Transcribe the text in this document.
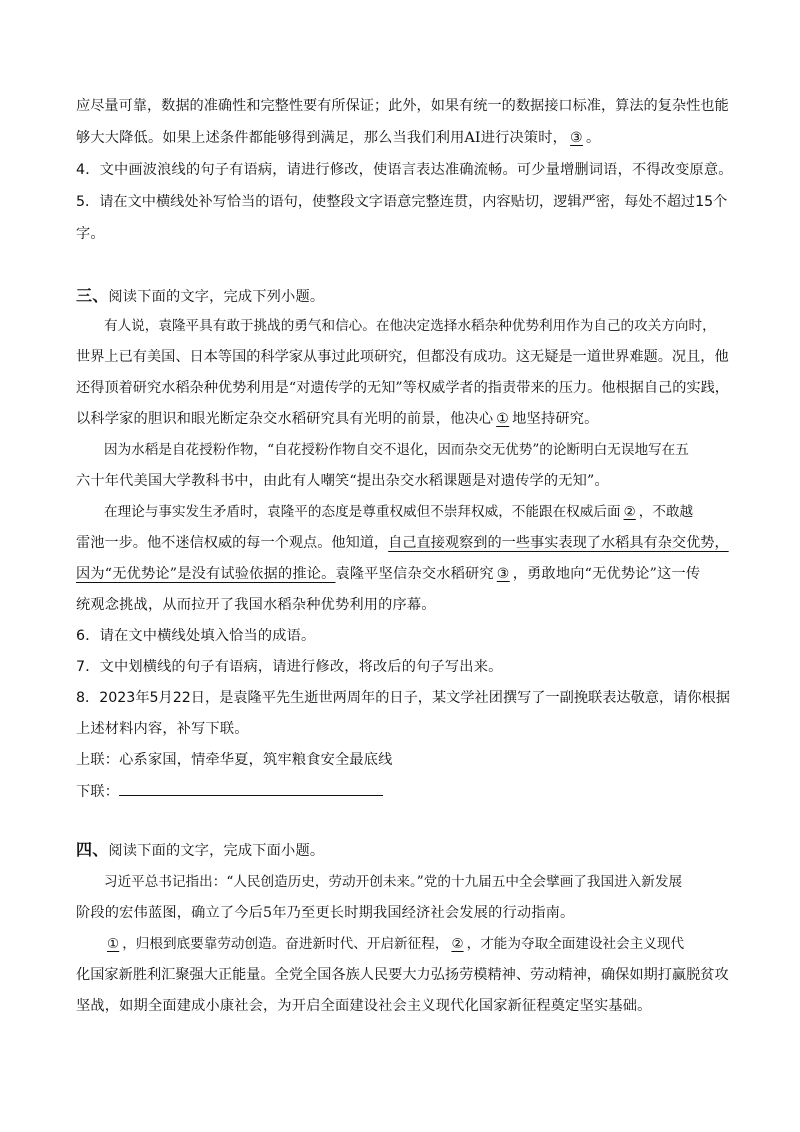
应尽量可靠，数据的准确性和完整性要有所保证；此外，如果有统一的数据接口标准，算法的复杂性也能
够大大降低。如果上述条件都能够得到满足，那么当我们利用AI进行决策时， ③ 。
4．文中画波浪线的句子有语病，请进行修改，使语言表达准确流畅。可少量增删词语，不得改变原意。
5．请在文中横线处补写恰当的语句，使整段文字语意完整连贯，内容贴切，逻辑严密，每处不超过15个
字。
三、阅读下面的文字，完成下列小题。
有人说，袁隆平具有敢于挑战的勇气和信心。在他决定选择水稻杂种优势利用作为自己的攻关方向时，
世界上已有美国、日本等国的科学家从事过此项研究，但都没有成功。这无疑是一道世界难题。况且，他
还得顶着研究水稻杂种优势利用是“对遗传学的无知”等权威学者的指责带来的压力。他根据自己的实践，
以科学家的胆识和眼光断定杂交水稻研究具有光明的前景，他决心 ① 地坚持研究。
因为水稻是自花授粉作物，“自花授粉作物自交不退化，因而杂交无优势”的论断明白无误地写在五
六十年代美国大学教科书中，由此有人嘲笑“提出杂交水稻课题是对遗传学的无知”。
在理论与事实发生矛盾时，袁隆平的态度是尊重权威但不崇拜权威，不能跟在权威后面 ② ，不敢越
雷池一步。他不迷信权威的每一个观点。他知道，自己直接观察到的一些事实表现了水稻具有杂交优势，
因为“无优势论”是没有试验依据的推论。袁隆平坚信杂交水稻研究 ③ ，勇敢地向“无优势论”这一传
统观念挑战，从而拉开了我国水稻杂种优势利用的序幕。
6．请在文中横线处填入恰当的成语。
7．文中划横线的句子有语病，请进行修改，将改后的句子写出来。
8．2023年5月22日，是袁隆平先生逝世两周年的日子，某文学社团撰写了一副挽联表达敬意，请你根据
上述材料内容，补写下联。
上联：心系家国，情牵华夏，筑牢粮食安全最底线
下联：
四、阅读下面的文字，完成下面小题。
习近平总书记指出：“人民创造历史，劳动开创未来。”党的十九届五中全会擘画了我国进入新发展
阶段的宏伟蓝图，确立了今后5年乃至更长时期我国经济社会发展的行动指南。
① ，归根到底要靠劳动创造。奋进新时代、开启新征程， ② ，才能为夺取全面建设社会主义现代
化国家新胜利汇聚强大正能量。全党全国各族人民要大力弘扬劳模精神、劳动精神，确保如期打赢脱贫攻
坚战，如期全面建成小康社会，为开启全面建设社会主义现代化国家新征程奠定坚实基础。
